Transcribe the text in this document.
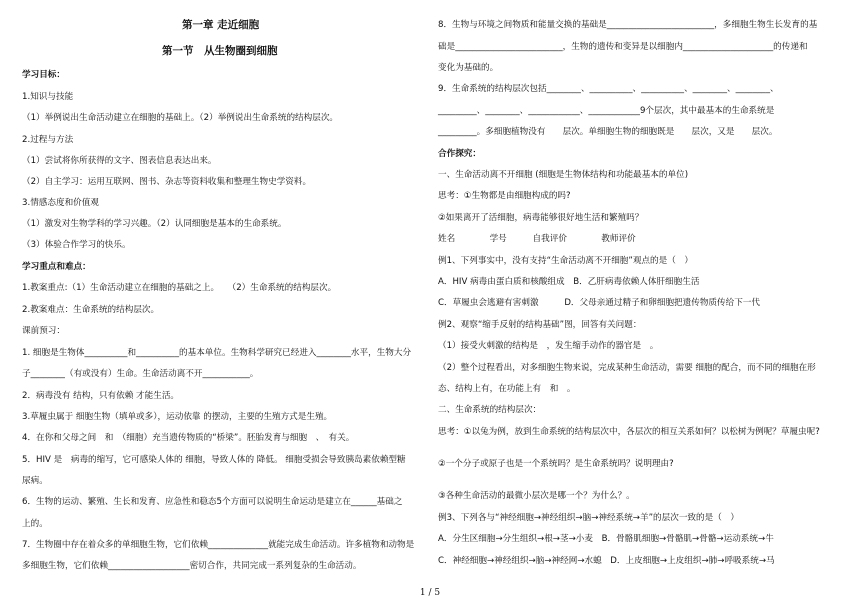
第一章 走近细胞
第一节　从生物圈到细胞
学习目标：
1.知识与技能
（1）举例说出生命活动建立在细胞的基础上。（2）举例说出生命系统的结构层次。
2.过程与方法
（1）尝试将你所获得的文字、图表信息表达出来。
（2）自主学习：运用互联网、图书、杂志等资料收集和整理生物史学资料。
3.情感态度和价值观
（1）激发对生物学科的学习兴趣。（2）认同细胞是基本的生命系统。
（3）体验合作学习的快乐。
学习重点和难点：
1.教案重点:（1）生命活动建立在细胞的基础之上。　　（2）生命系统的结构层次。
2.教案难点：生命系统的结构层次。
课前预习：
1. 细胞是生物体__________和__________的基本单位。生物科学研究已经进入________水平，生物大分
子________（有或没有）生命。生命活动离不开___________。
2．病毒没有 结构，只有依赖 才能生活。
3.草履虫属于 细胞生物（填单或多），运动依靠 的摆动，主要的生殖方式是生殖。
4．在你和父母之间　和　（细胞）充当遗传物质的“桥梁”。胚胎发育与细胞　、　有关。
5．HIV 是　病毒的缩写，它可感染人体的 细胞，导致人体的 降低。 细胞受损会导致胰岛素依赖型糖
尿病。
6．生物的运动、繁殖、生长和发育、应急性和稳态5个方面可以说明生命运动是建立在______基础之
上的。
7．生物圈中存在着众多的单细胞生物，它们依赖______________就能完成生命活动。许多植物和动物是
多细胞生物，它们依赖___________________密切合作，共同完成一系列复杂的生命活动。
8．生物与环境之间物质和能量交换的基础是_________________________，多细胞生物生长发育的基
础是_________________________，生物的遗传和变异是以细胞内_____________________的传递和
变化为基础的。
9．生命系统的结构层次包括________、__________、__________、________、________、
_________、________、____________、____________9个层次，其中最基本的生命系统是
_________。多细胞植物没有　　层次。单细胞生物的细胞既是　　层次，又是　　层次。
合作探究：
一、生命活动离不开细胞 (细胞是生物体结构和功能最基本的单位)
思考：①生物都是由细胞构成的吗?
②如果离开了活细胞，病毒能够很好地生活和繁殖吗？
姓名　　　　学号　　　自我评价　　　　教师评价
例1、下列事实中，没有支持“生命活动离不开细胞”观点的是（　）
A．HIV 病毒由蛋白质和核酸组成　B．乙肝病毒依赖人体肝细胞生活
C．草履虫会逃避有害刺激　　　D．父母亲通过精子和卵细胞把遗传物质传给下一代
例2、观察“缩手反射的结构基础”图，回答有关问题：
（1）接受火刺激的结构是　，发生缩手动作的器官是　。
（2）整个过程看出，对多细胞生物来说，完成某种生命活动，需要 细胞的配合，而不同的细胞在形
态、结构上有，在功能上有　和　。
二、生命系统的结构层次：
思考：①以兔为例，放到生命系统的结构层次中，各层次的相互关系如何？以松树为例呢？草履虫呢?
②一个分子或原子也是一个系统吗？是生命系统吗？说明理由?
③各种生命活动的最微小层次是哪一个？为什么？。
例3、下列各与“神经细胞→神经组织→脑→神经系统→羊”的层次一致的是（　）
A．分生区细胞→分生组织→根→茎→小麦　B．骨骼肌细胞→骨骼肌→骨骼→运动系统→牛
C．神经细胞→神经组织→脑→神经网→水螅　D．上皮细胞→上皮组织→肺→呼吸系统→马
1 / 5
